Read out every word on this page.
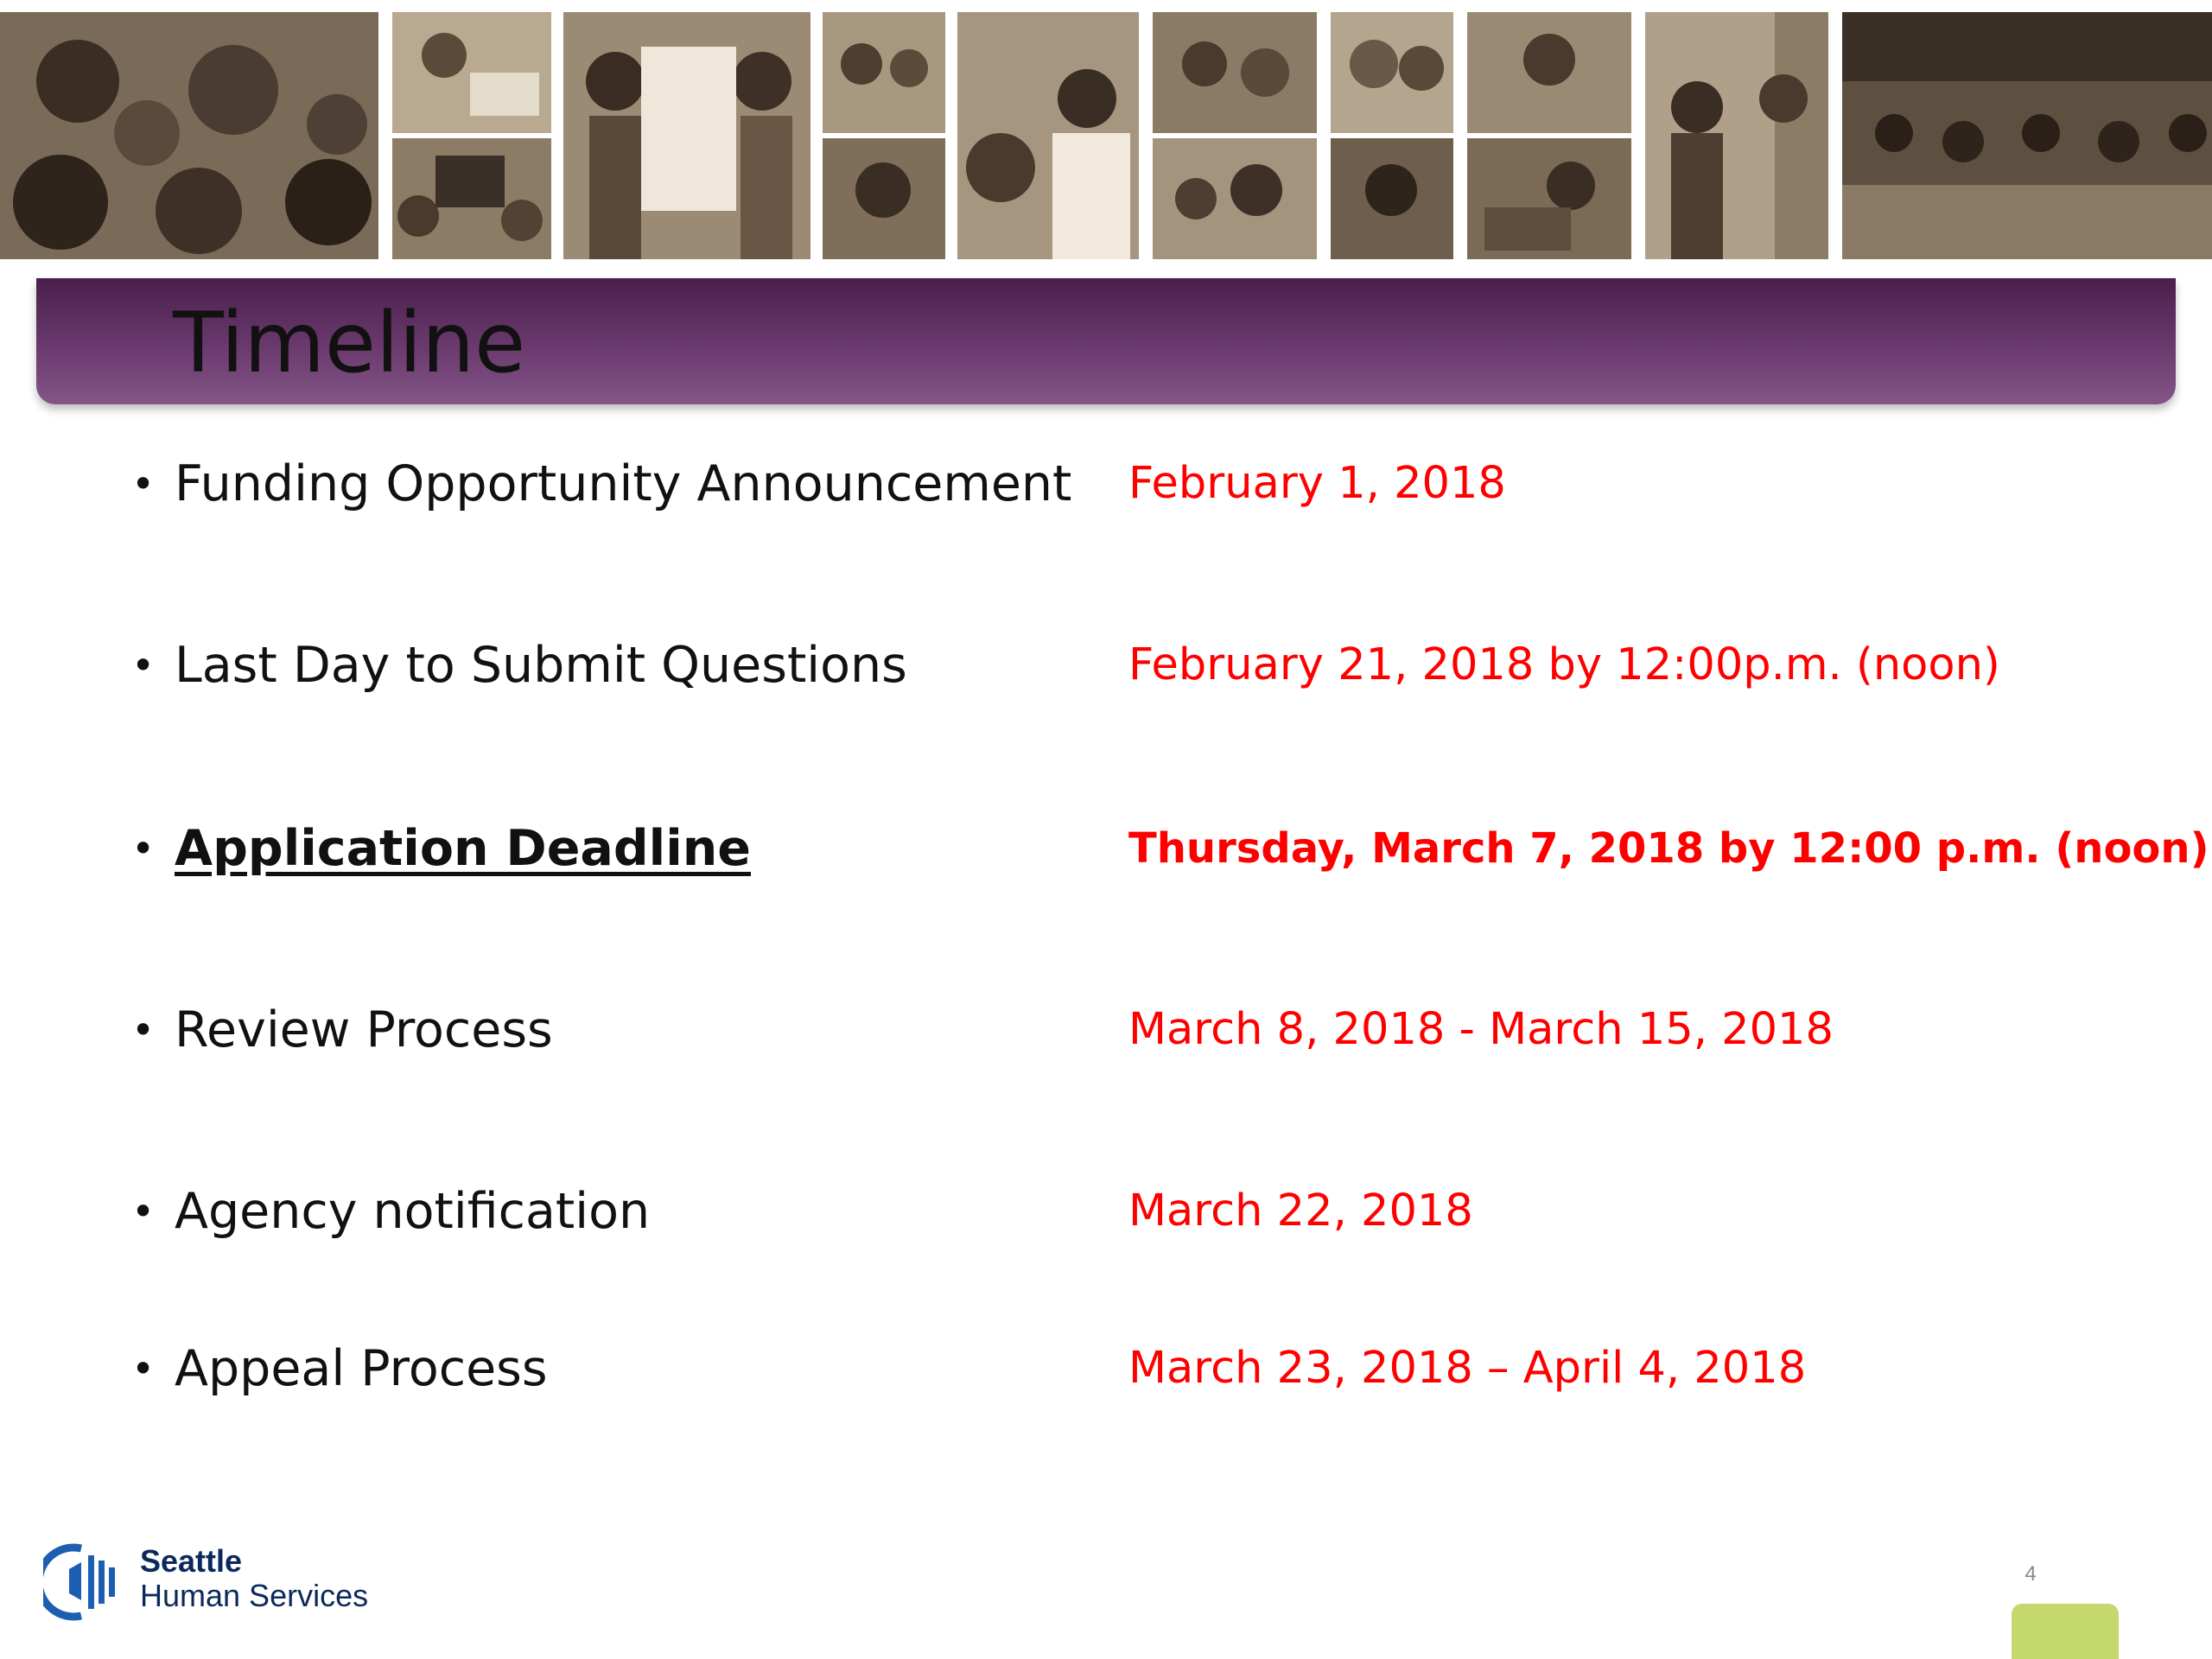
Timeline
• Funding Opportunity Announcement February 1, 2018
• Last Day to Submit Questions	February 21, 2018 by 12:00p.m. (noon)
• Application Deadline	Thursday, March 7, 2018 by 12:00 p.m. (noon)
• Review Process	March 8, 2018 - March 15, 2018
• Agency notification	March 22, 2018
• Appeal Process	March 23, 2018 – April 4, 2018
Seattle
Human Services
4
